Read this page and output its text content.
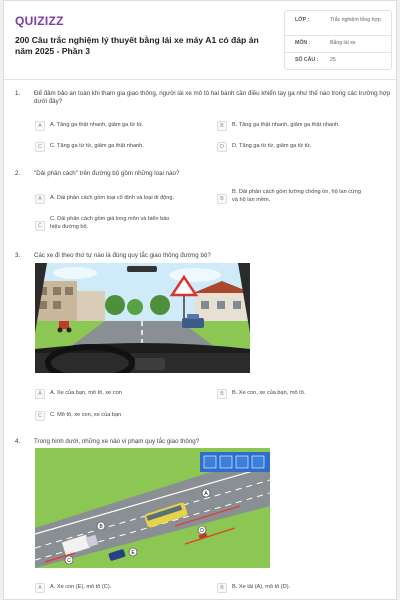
QUIZIZZ
200 Câu trắc nghiệm lý thuyết bằng lái xe máy A1 có đáp án năm 2025 - Phần 3
LỚP :	Trắc nghiệm tổng hợp
MÔN :	Bằng lái xe
SỐ CÂU : 25
1. Để đảm bảo an toàn khi tham gia giao thông, người lái xe mô tô hai bánh cần điều khiển tay ga như thế nào trong các trường hợp dưới đây?
A	A. Tăng ga thật nhanh, giảm ga từ từ.	B	B. Tăng ga thật nhanh, giảm ga thật nhanh.
C	C. Tăng ga từ từ, giảm ga thật nhanh.	D	D. Tăng ga từ từ, giảm ga từ từ.
2. "Dải phân cách" trên đường bộ gồm những loại nào?
A	A. Dải phân cách gồm loại cố định và loại di động.	B
B. Dải phân cách gồm tường chống ồn, hộ lan cứng
và hộ lan mềm.
C
C. Dải phân cách gồm giá long môn và biển báo
hiệu đường bộ.
3. Các xe đi theo thứ tự nào là đúng quy tắc giao thông đường bộ?
A	A. Xe của bạn, mô tô, xe con	B	B. Xe con, xe của bạn, mô tô.
C	C. Mô tô, xe con, xe của bạn
4. Trong hình dưới, những xe nào vi phạm quy tắc giao thông?
A
B
C
D
E
A	A. Xe con (E), mô tô (C).	B	B. Xe tải (A), mô tô (D).
